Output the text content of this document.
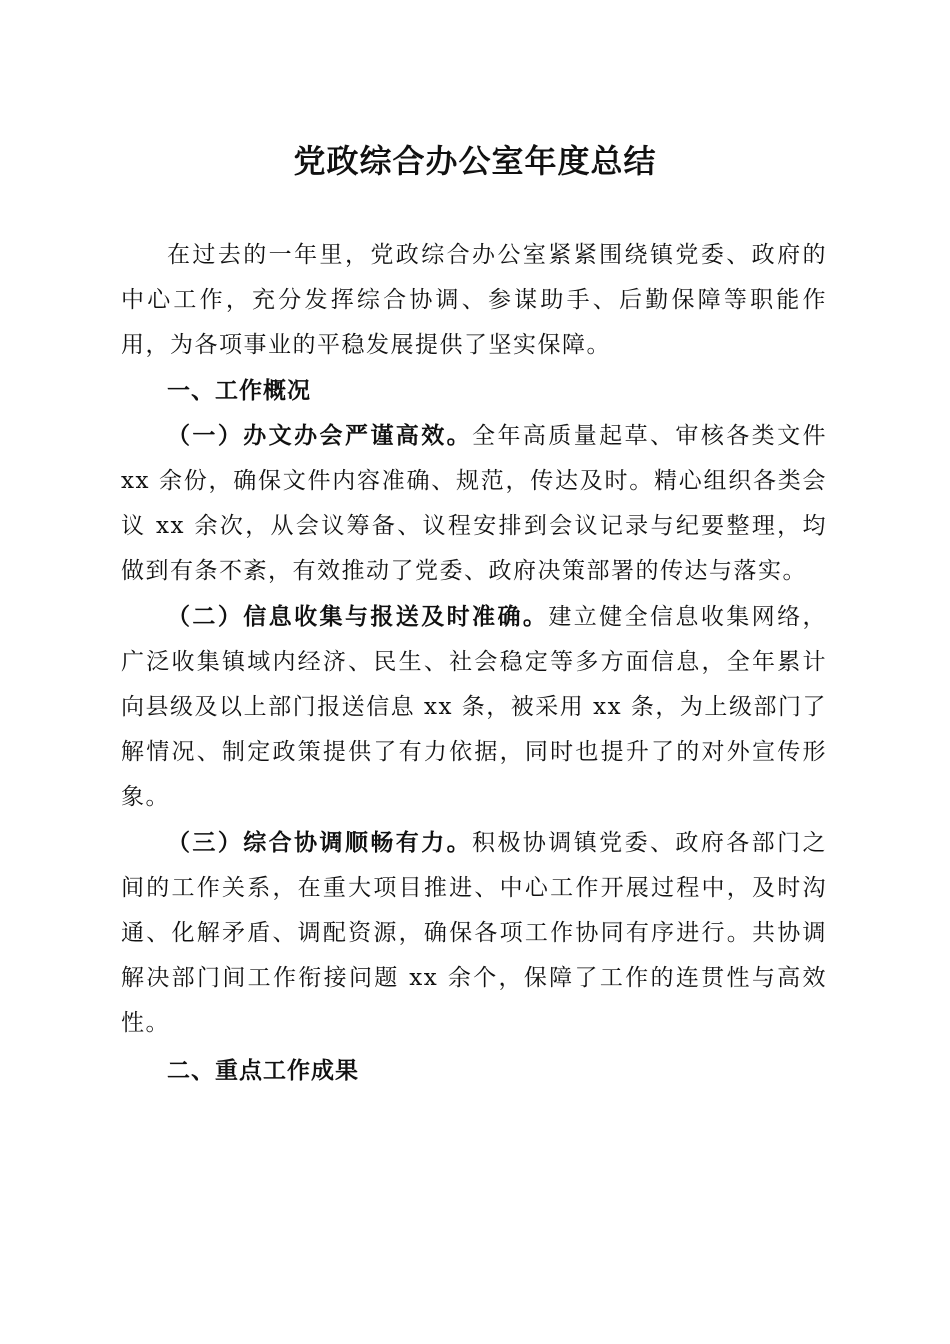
党政综合办公室年度总结

在过去的一年里，党政综合办公室紧紧围绕镇党委、政府的中心工作，充分发挥综合协调、参谋助手、后勤保障等职能作用，为各项事业的平稳发展提供了坚实保障。

一、工作概况

（一）办文办会严谨高效。全年高质量起草、审核各类文件 xx 余份，确保文件内容准确、规范，传达及时。精心组织各类会议 xx 余次，从会议筹备、议程安排到会议记录与纪要整理，均做到有条不紊，有效推动了党委、政府决策部署的传达与落实。

（二）信息收集与报送及时准确。建立健全信息收集网络，广泛收集镇域内经济、民生、社会稳定等多方面信息，全年累计向县级及以上部门报送信息 xx 条，被采用 xx 条，为上级部门了解情况、制定政策提供了有力依据，同时也提升了的对外宣传形象。

（三）综合协调顺畅有力。积极协调镇党委、政府各部门之间的工作关系，在重大项目推进、中心工作开展过程中，及时沟通、化解矛盾、调配资源，确保各项工作协同有序进行。共协调解决部门间工作衔接问题 xx 余个，保障了工作的连贯性与高效性。

二、重点工作成果
